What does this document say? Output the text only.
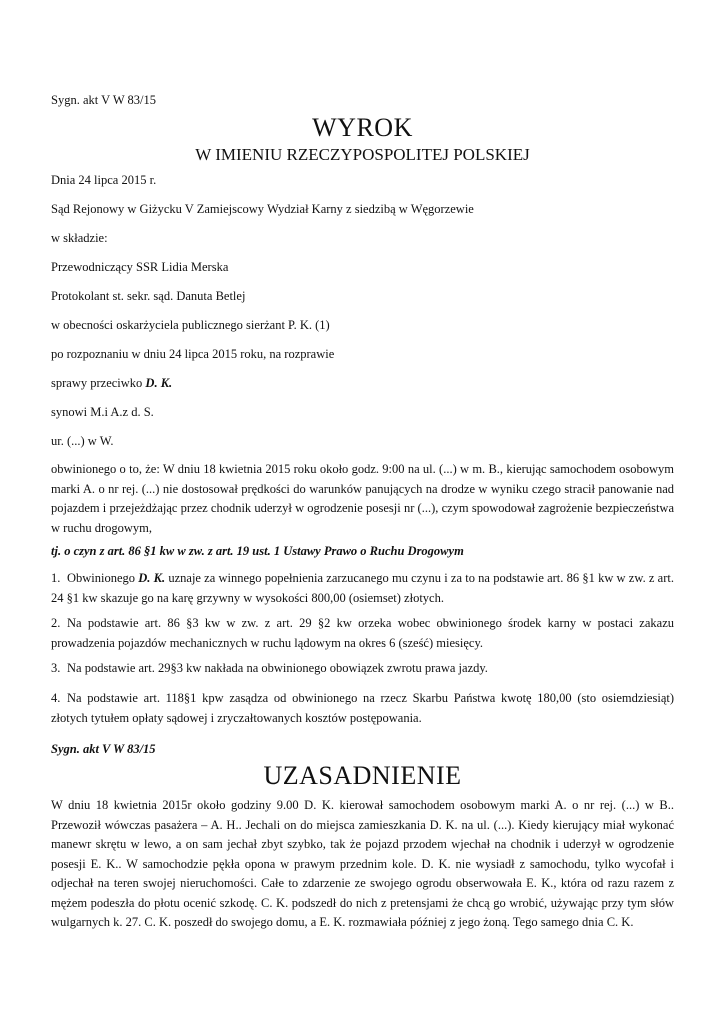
Sygn. akt V W 83/15
WYROK
W IMIENIU RZECZYPOSPOLITEJ POLSKIEJ
Dnia 24 lipca 2015 r.
Sąd Rejonowy w Giżycku V Zamiejscowy Wydział Karny z siedzibą w Węgorzewie
w składzie:
Przewodniczący SSR Lidia Merska
Protokolant st. sekr. sąd. Danuta Betlej
w obecności oskarżyciela publicznego sierżant P. K. (1)
po rozpoznaniu w dniu 24 lipca 2015 roku, na rozprawie
sprawy przeciwko D. K.
synowi M.i A.z d. S.
ur. (...) w W.
obwinionego o to, że: W dniu 18 kwietnia 2015 roku około godz. 9:00 na ul. (...) w m. B., kierując samochodem osobowym marki A. o nr rej. (...) nie dostosował prędkości do warunków panujących na drodze w wyniku czego stracił panowanie nad pojazdem i przejeżdżając przez chodnik uderzył w ogrodzenie posesji nr (...), czym spowodował zagrożenie bezpieczeństwa w ruchu drogowym,
tj. o czyn z art. 86 §1 kw w zw. z art. 19 ust. 1 Ustawy Prawo o Ruchu Drogowym
1. Obwinionego D. K. uznaje za winnego popełnienia zarzucanego mu czynu i za to na podstawie art. 86 §1 kw w zw. z art. 24 §1 kw skazuje go na karę grzywny w wysokości 800,00 (osiemset) złotych.
2. Na podstawie art. 86 §3 kw w zw. z art. 29 §2 kw orzeka wobec obwinionego środek karny w postaci zakazu prowadzenia pojazdów mechanicznych w ruchu lądowym na okres 6 (sześć) miesięcy.
3. Na podstawie art. 29§3 kw nakłada na obwinionego obowiązek zwrotu prawa jazdy.
4. Na podstawie art. 118§1 kpw zasądza od obwinionego na rzecz Skarbu Państwa kwotę 180,00 (sto osiemdziesiąt) złotych tytułem opłaty sądowej i zryczałtowanych kosztów postępowania.
Sygn. akt V W 83/15
UZASADNIENIE
W dniu 18 kwietnia 2015r około godziny 9.00 D. K. kierował samochodem osobowym marki A. o nr rej. (...) w B.. Przewoził wówczas pasażera – A. H.. Jechali on do miejsca zamieszkania D. K. na ul. (...). Kiedy kierujący miał wykonać manewr skrętu w lewo, a on sam jechał zbyt szybko, tak że pojazd przodem wjechał na chodnik i uderzył w ogrodzenie posesji E. K.. W samochodzie pękła opona w prawym przednim kole. D. K. nie wysiadł z samochodu, tylko wycofał i odjechał na teren swojej nieruchomości. Całe to zdarzenie ze swojego ogrodu obserwowała E. K., która od razu razem z mężem podeszła do płotu ocenić szkodę. C. K. podszedł do nich z pretensjami że chcą go wrobić, używając przy tym słów wulgarnych k. 27. C. K. poszedł do swojego domu, a E. K. rozmawiała później z jego żoną. Tego samego dnia C. K.
